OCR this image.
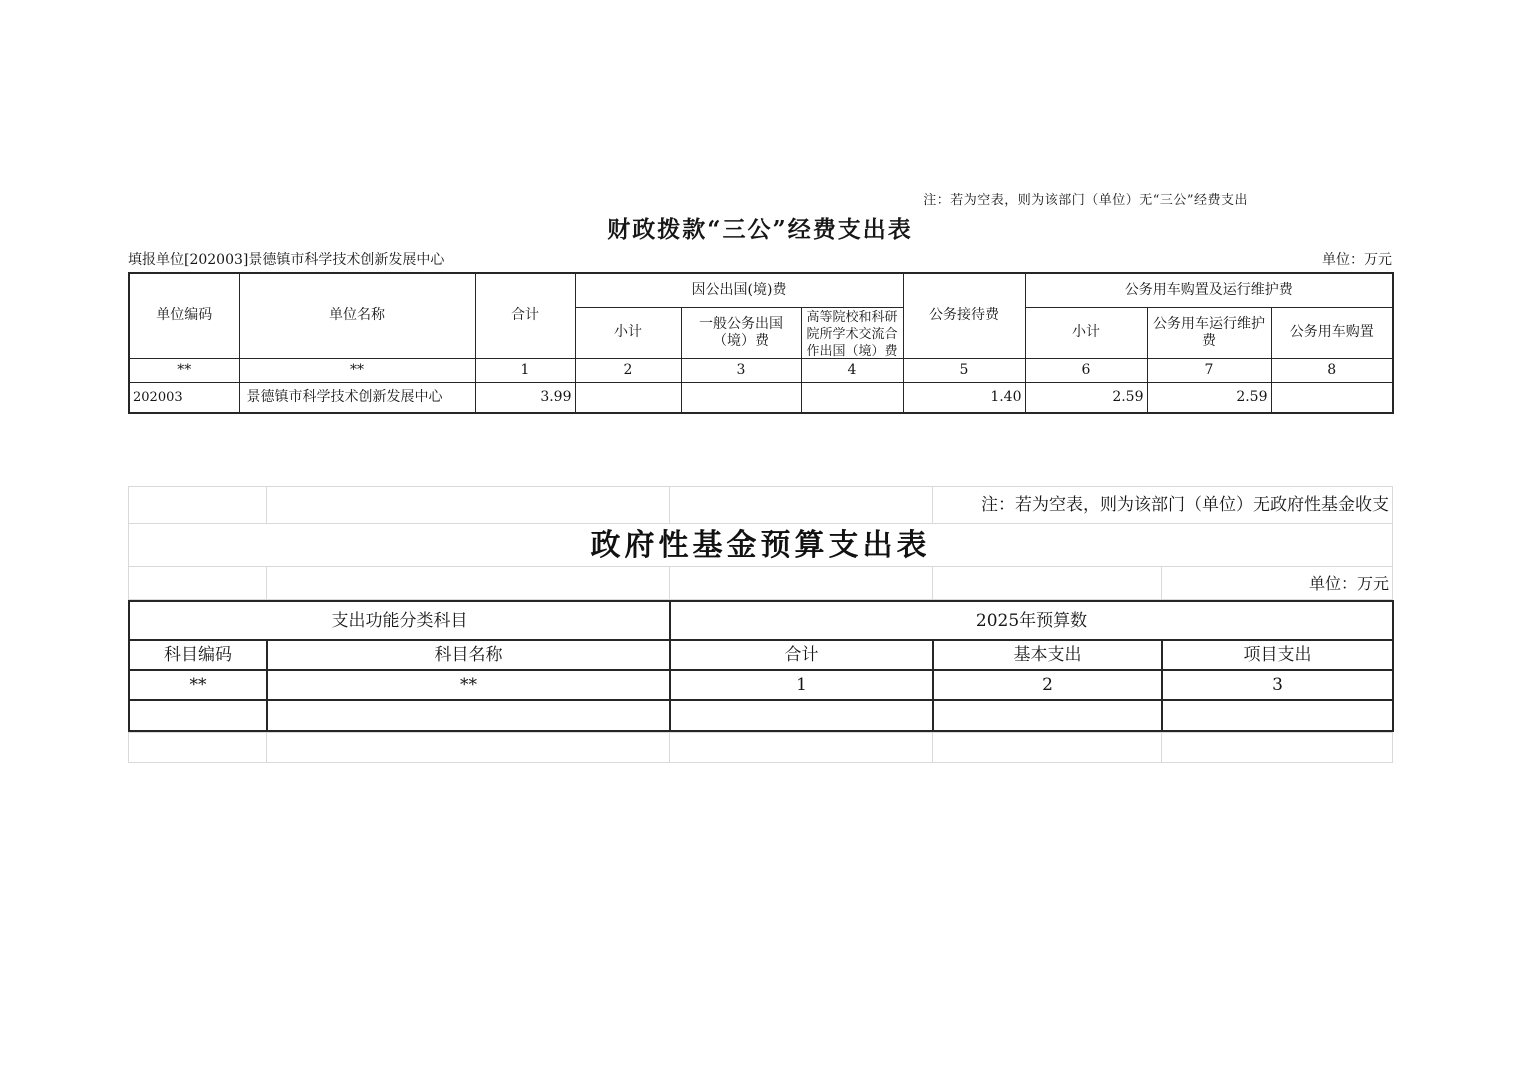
注：若为空表，则为该部门（单位）无“三公”经费支出
财政拨款“三公”经费支出表
填报单位[202003]景德镇市科学技术创新发展中心	单位：万元
单位编码	单位名称	合计	因公出国(境)费			公务接待费	公务用车购置及运行维护费		
			小计	一般公务出国（境）费	高等院校和科研院所学术交流合作出国（境）费		小计	公务用车运行维护费	公务用车购置
**	**	1	2	3	4	5	6	7	8
202003	景德镇市科学技术创新发展中心	3.99				1.40	2.59	2.59	
			注：若为空表，则为该部门（单位）无政府性基金收支	

政府性基金预算支出表				

				单位：万元
支出功能分类科目		2025年预算数		
科目编码	科目名称	合计	基本支出	项目支出
**	**	1	2	3
